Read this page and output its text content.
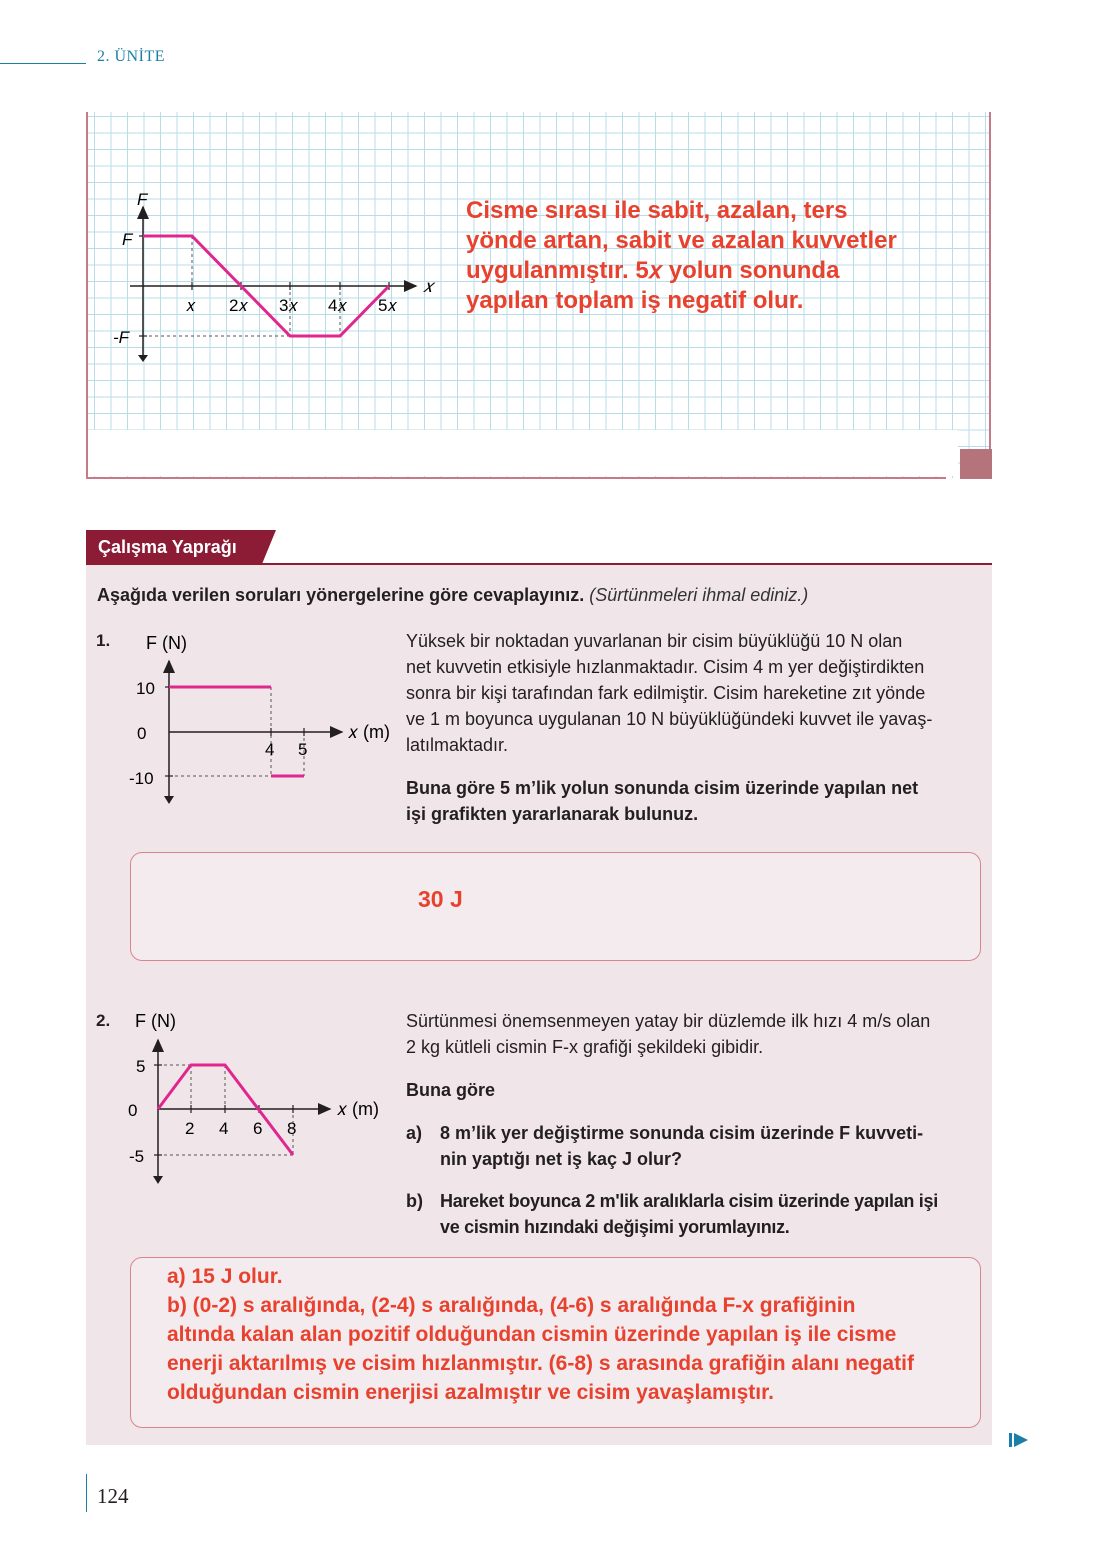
2. ÜNİTE
F
F
-F
𝑥
𝑥 2𝑥 3𝑥 4𝑥 5𝑥
Cisme sırası ile sabit, azalan, ters
yönde artan, sabit ve azalan kuvvetler
uygulanmıştır. 5𝑥 yolun sonunda
yapılan toplam iş negatif olur.
Çalışma Yaprağı
Aşağıda verilen soruları yönergelerine göre cevaplayınız. (Sürtünmeleri ihmal ediniz.)
1. F (N)
10
0
-10
𝑥 (m)
4 5
Yüksek bir noktadan yuvarlanan bir cisim büyüklüğü 10 N olan
net kuvvetin etkisiyle hızlanmaktadır. Cisim 4 m yer değiştirdikten
sonra bir kişi tarafından fark edilmiştir. Cisim hareketine zıt yönde
ve 1 m boyunca uygulanan 10 N büyüklüğündeki kuvvet ile yavaş-
latılmaktadır.
Buna göre 5 m’lik yolun sonunda cisim üzerinde yapılan net
işi grafikten yararlanarak bulunuz.
30 J
2. F (N)
5
0
-5
𝑥 (m)
2 4 6 8
Sürtünmesi önemsenmeyen yatay bir düzlemde ilk hızı 4 m/s olan
2 kg kütleli cismin F-x grafiği şekildeki gibidir.
Buna göre
a) 8 m’lik yer değiştirme sonunda cisim üzerinde F kuvveti-
nin yaptığı net iş kaç J olur?
b) Hareket boyunca 2 m'lik aralıklarla cisim üzerinde yapılan işi
ve cismin hızındaki değişimi yorumlayınız.
a) 15 J olur.
b) (0-2) s aralığında, (2-4) s aralığında, (4-6) s aralığında F-x grafiğinin
altında kalan alan pozitif olduğundan cismin üzerinde yapılan iş ile cisme
enerji aktarılmış ve cisim hızlanmıştır. (6-8) s arasında grafiğin alanı negatif
olduğundan cismin enerjisi azalmıştır ve cisim yavaşlamıştır.
124
